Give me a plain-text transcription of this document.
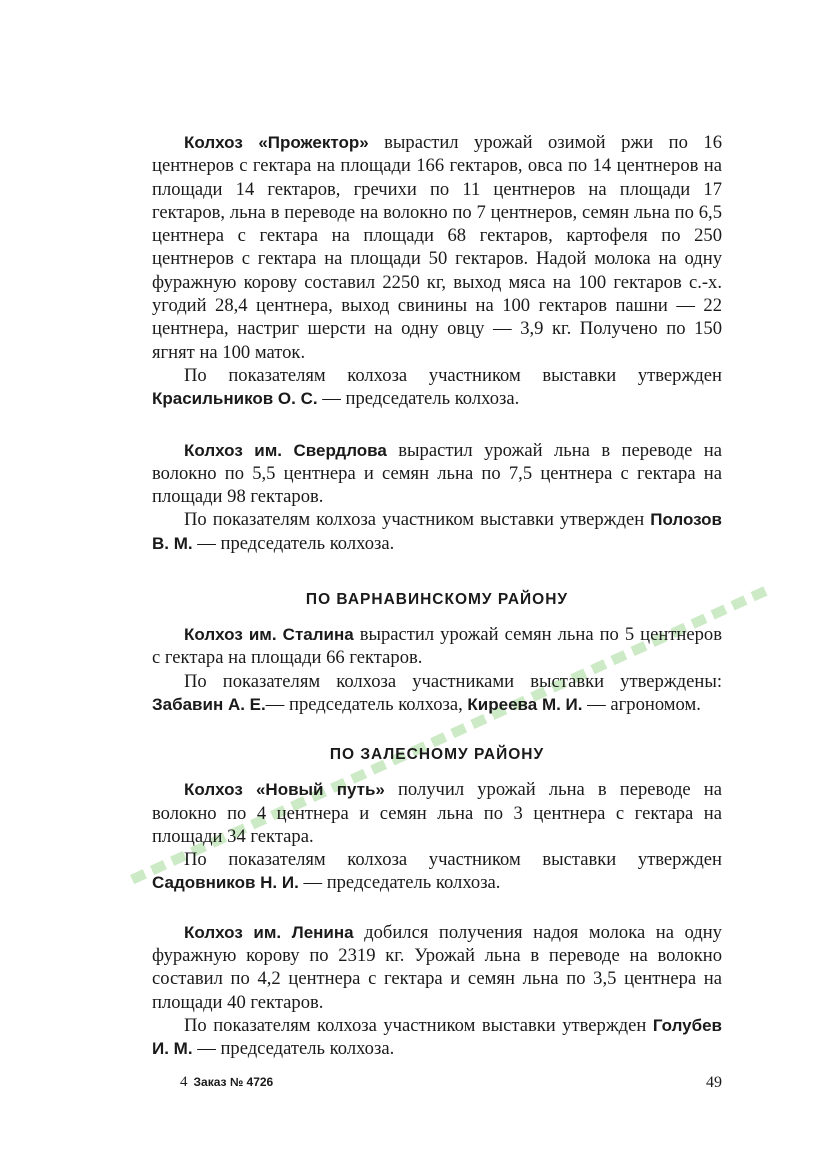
Колхоз «Прожектор» вырастил урожай озимой ржи по 16 центнеров с гектара на площади 166 гектаров, овса по 14 центнеров на площади 14 гектаров, гречихи по 11 центнеров на площади 17 гектаров, льна в переводе на волокно по 7 центнеров, семян льна по 6,5 центнера с гектара на площади 68 гектаров, картофеля по 250 центнеров с гектара на площади 50 гектаров. Надой молока на одну фуражную корову составил 2250 кг, выход мяса на 100 гектаров с.-х. угодий 28,4 центнера, выход свинины на 100 гектаров пашни — 22 центнера, настриг шерсти на одну овцу — 3,9 кг. Получено по 150 ягнят на 100 маток.

По показателям колхоза участником выставки утвержден Красильников О. С. — председатель колхоза.

Колхоз им. Свердлова вырастил урожай льна в переводе на волокно по 5,5 центнера и семян льна по 7,5 центнера с гектара на площади 98 гектаров.

По показателям колхоза участником выставки утвержден Полозов В. М. — председатель колхоза.

ПО ВАРНАВИНСКОМУ РАЙОНУ

Колхоз им. Сталина вырастил урожай семян льна по 5 центнеров с гектара на площади 66 гектаров.

По показателям колхоза участниками выставки утверждены: Забавин А. Е.— председатель колхоза, Киреева М. И. — агрономом.

ПО ЗАЛЕСНОМУ РАЙОНУ

Колхоз «Новый путь» получил урожай льна в переводе на волокно по 4 центнера и семян льна по 3 центнера с гектара на площади 34 гектара.

По показателям колхоза участником выставки утвержден Садовников Н. И. — председатель колхоза.

Колхоз им. Ленина добился получения надоя молока на одну фуражную корову по 2319 кг. Урожай льна в переводе на волокно составил по 4,2 центнера с гектара и семян льна по 3,5 центнера на площади 40 гектаров.

По показателям колхоза участником выставки утвержден Голубев И. М. — председатель колхоза.

4 Заказ № 4726	49
